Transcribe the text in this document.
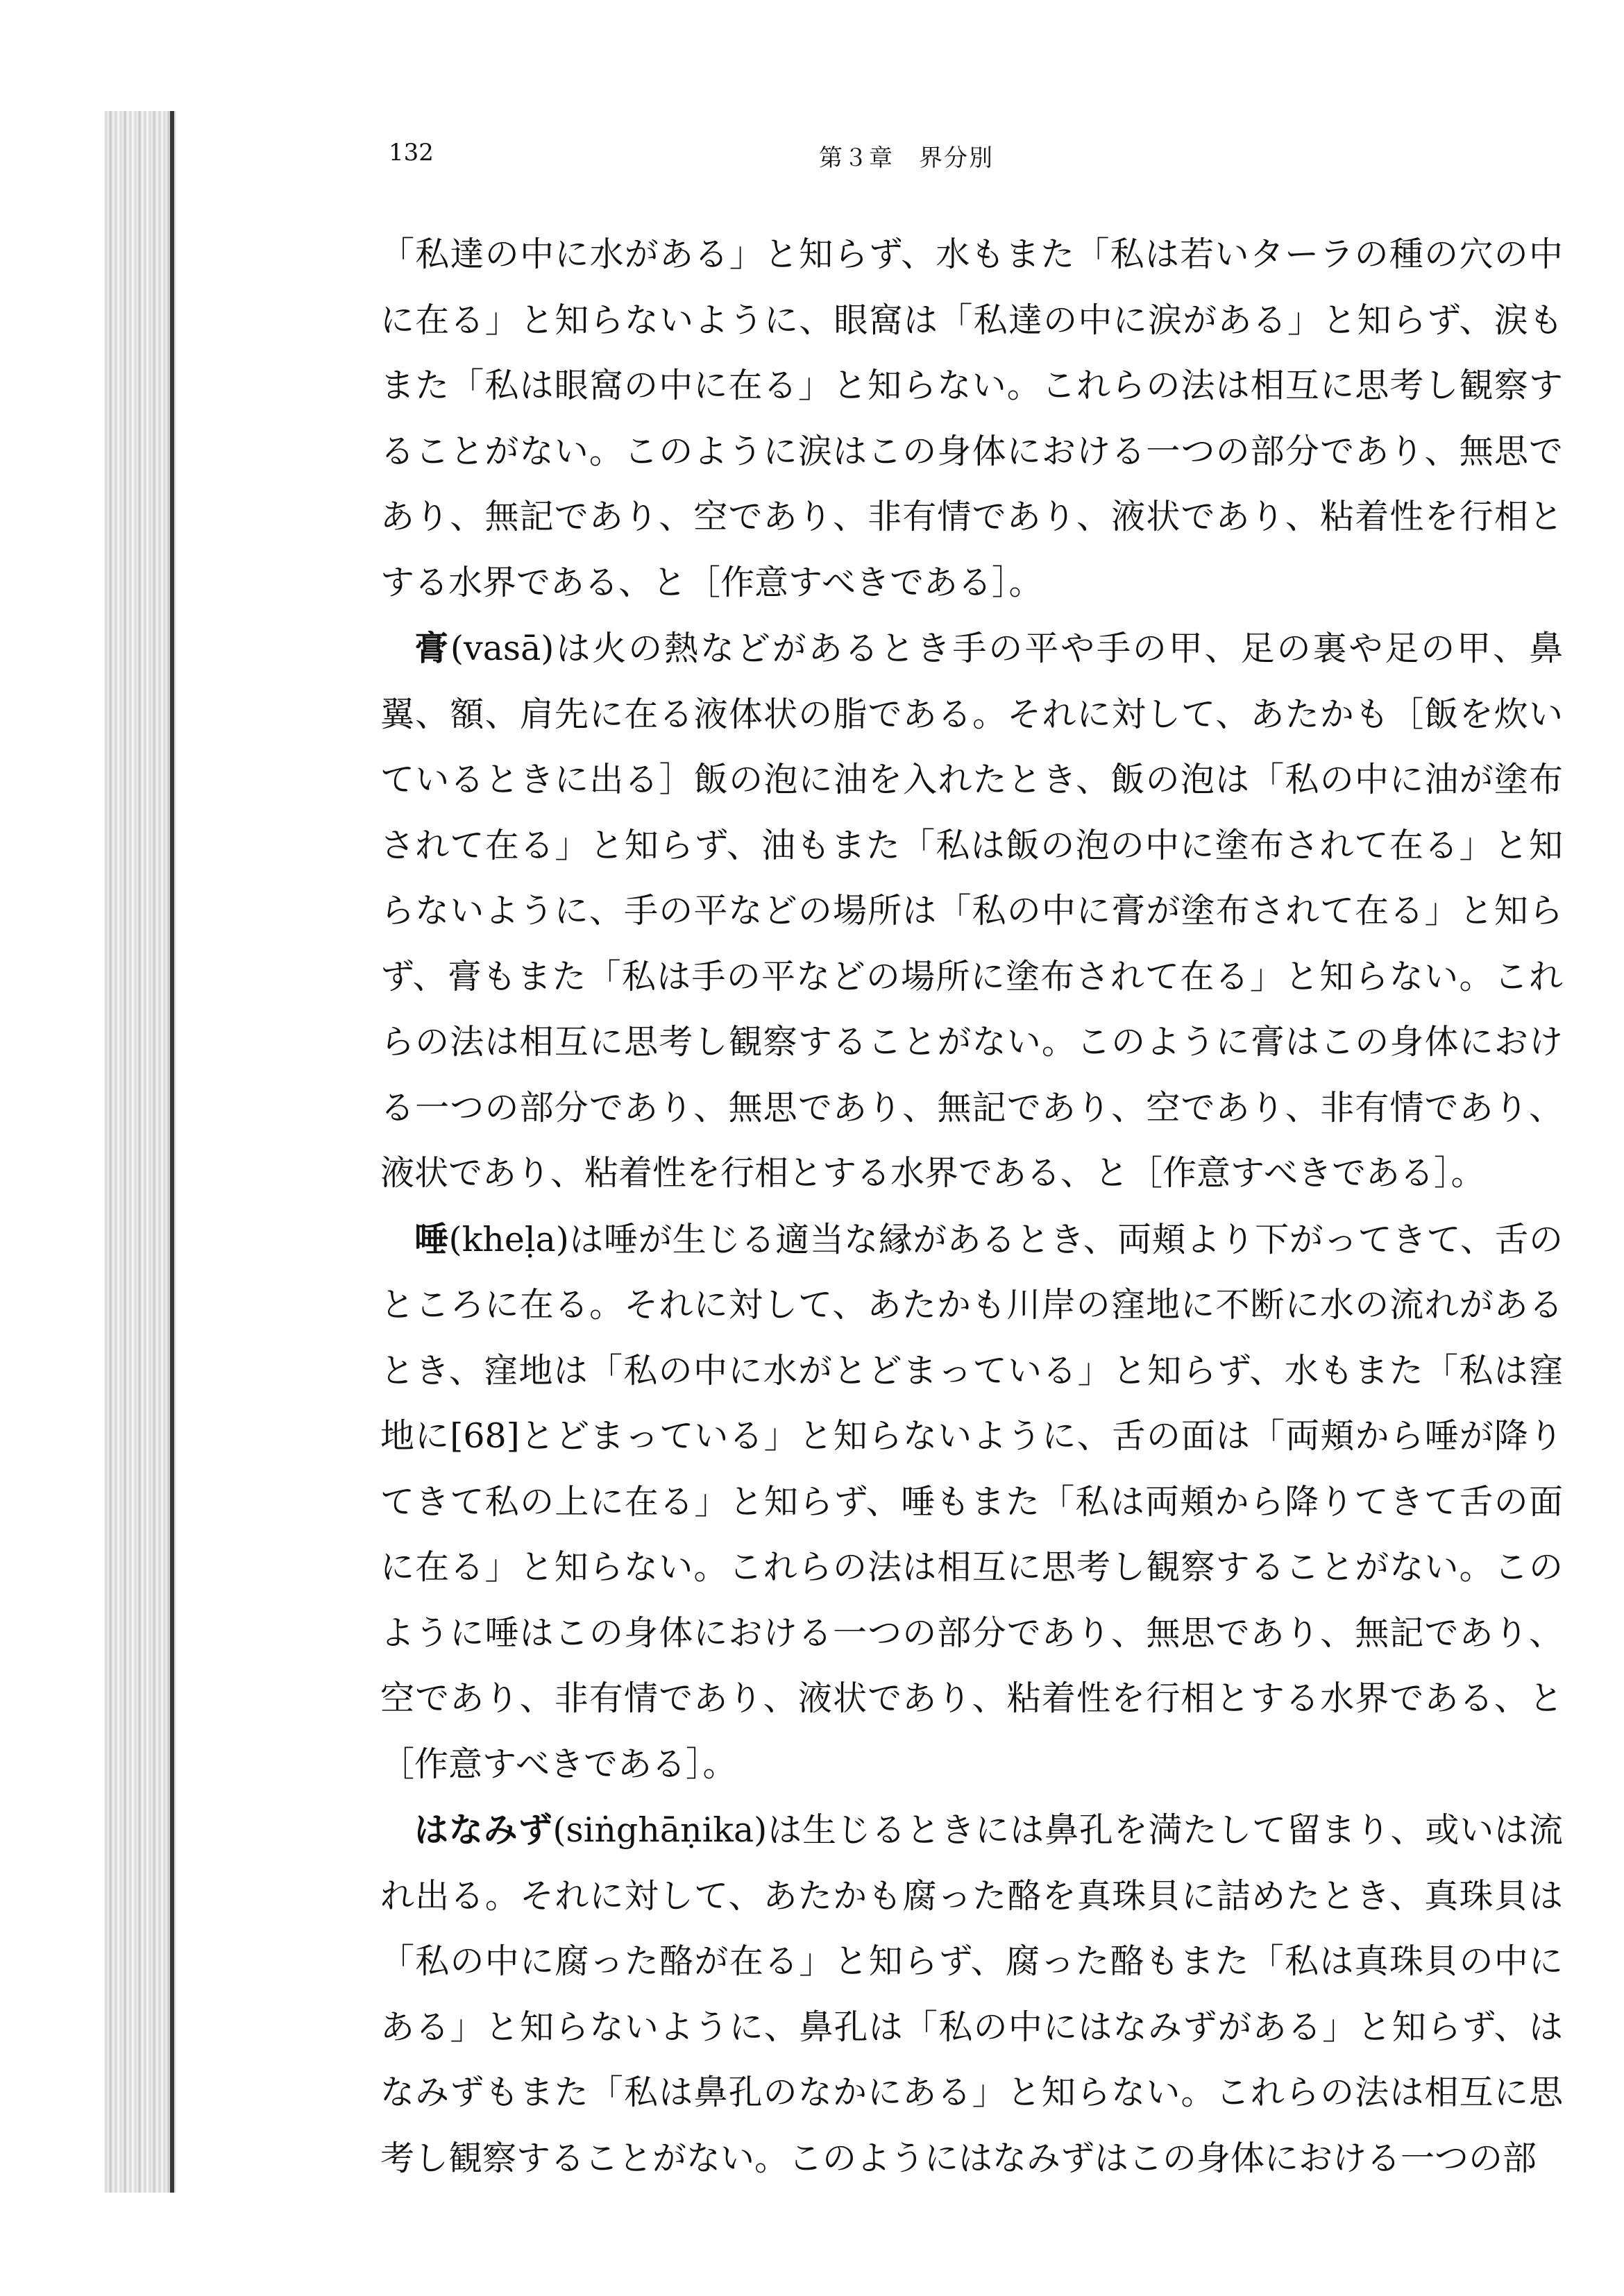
132	第３章　界分別

「私達の中に水がある」と知らず、水もまた「私は若いターラの種の穴の中に在る」と知らないように、眼窩は「私達の中に涙がある」と知らず、涙もまた「私は眼窩の中に在る」と知らない。これらの法は相互に思考し観察することがない。このように涙はこの身体における一つの部分であり、無思であり、無記であり、空であり、非有情であり、液状であり、粘着性を行相とする水界である、と［作意すべきである］。

膏(vasā)は火の熱などがあるとき手の平や手の甲、足の裏や足の甲、鼻翼、額、肩先に在る液体状の脂である。それに対して、あたかも［飯を炊いているときに出る］飯の泡に油を入れたとき、飯の泡は「私の中に油が塗布されて在る」と知らず、油もまた「私は飯の泡の中に塗布されて在る」と知らないように、手の平などの場所は「私の中に膏が塗布されて在る」と知らず、膏もまた「私は手の平などの場所に塗布されて在る」と知らない。これらの法は相互に思考し観察することがない。このように膏はこの身体における一つの部分であり、無思であり、無記であり、空であり、非有情であり、液状であり、粘着性を行相とする水界である、と［作意すべきである］。

唾(kheḷa)は唾が生じる適当な縁があるとき、両頬より下がってきて、舌のところに在る。それに対して、あたかも川岸の窪地に不断に水の流れがあるとき、窪地は「私の中に水がとどまっている」と知らず、水もまた「私は窪地に[68]とどまっている」と知らないように、舌の面は「両頬から唾が降りてきて私の上に在る」と知らず、唾もまた「私は両頬から降りてきて舌の面に在る」と知らない。これらの法は相互に思考し観察することがない。このように唾はこの身体における一つの部分であり、無思であり、無記であり、空であり、非有情であり、液状であり、粘着性を行相とする水界である、と［作意すべきである］。

はなみず(siṅghāṇika)は生じるときには鼻孔を満たして留まり、或いは流れ出る。それに対して、あたかも腐った酪を真珠貝に詰めたとき、真珠貝は「私の中に腐った酪が在る」と知らず、腐った酪もまた「私は真珠貝の中にある」と知らないように、鼻孔は「私の中にはなみずがある」と知らず、はなみずもまた「私は鼻孔のなかにある」と知らない。これらの法は相互に思考し観察することがない。このようにはなみずはこの身体における一つの部
